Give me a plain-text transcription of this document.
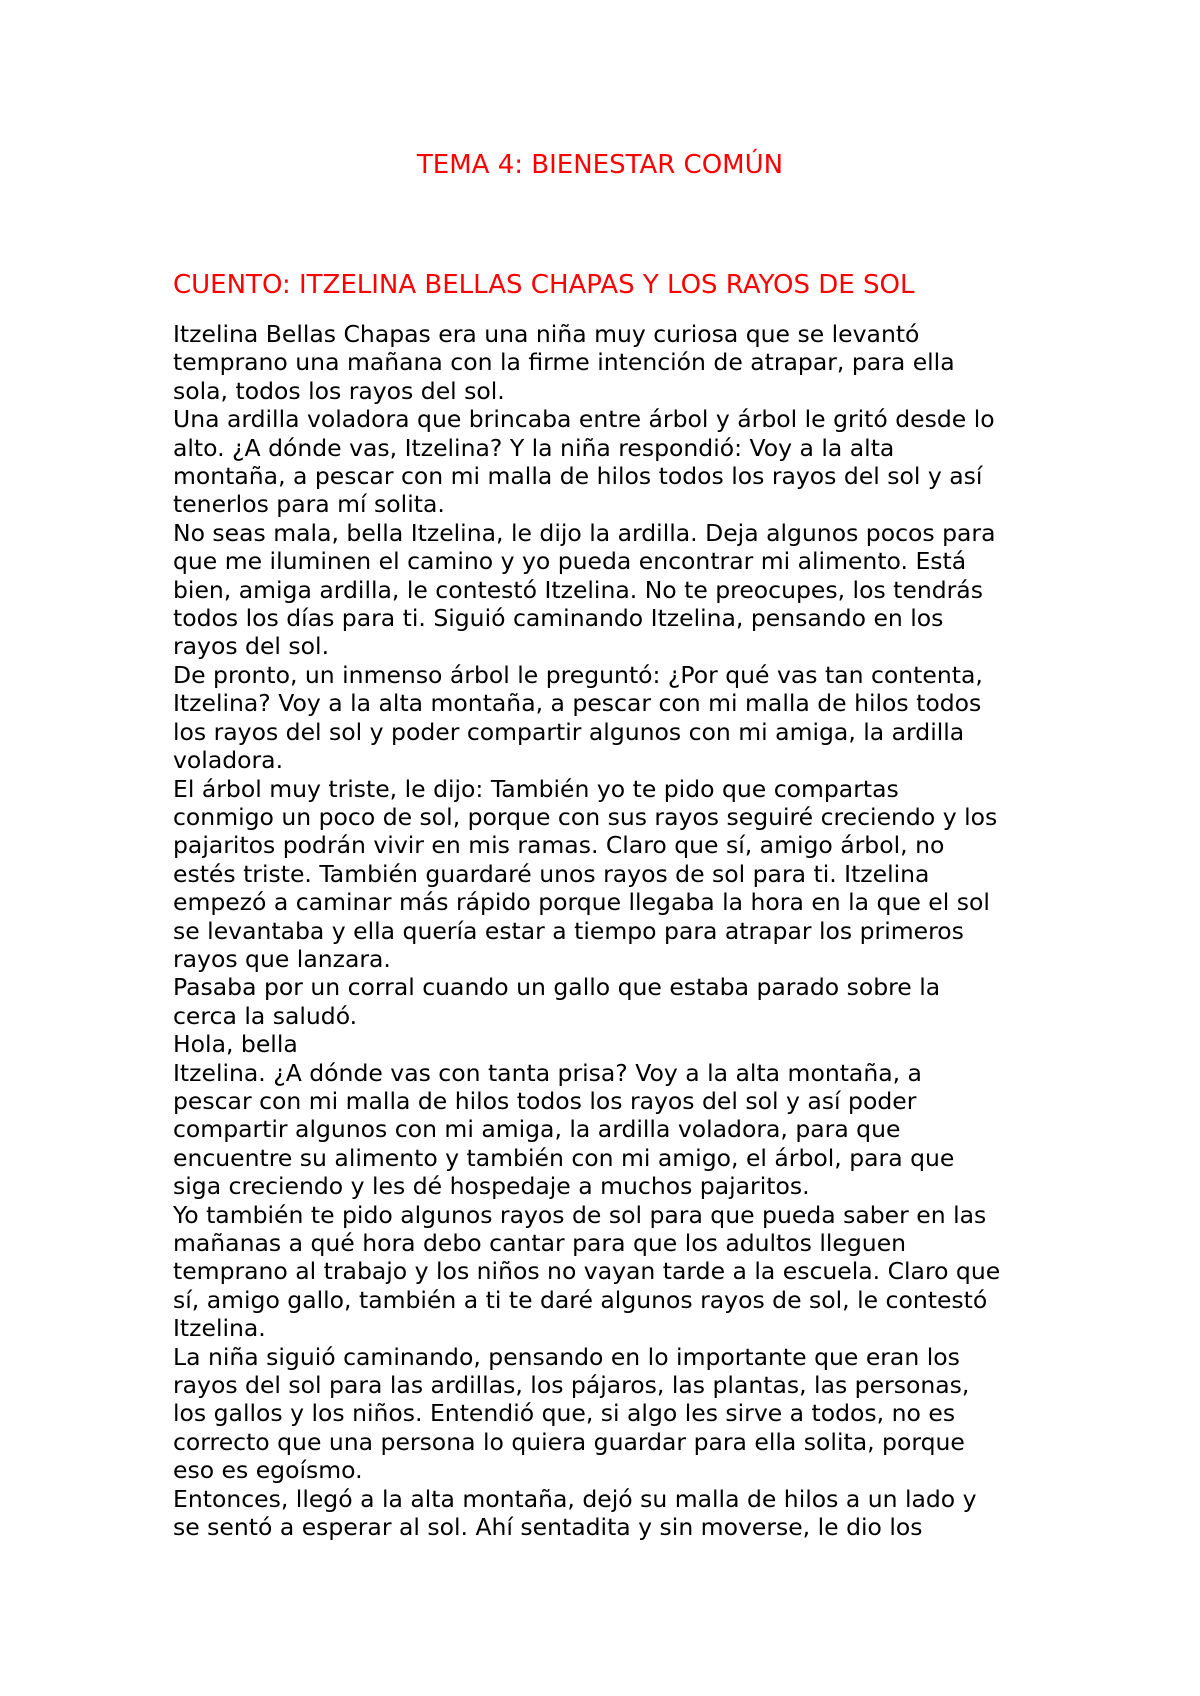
TEMA 4: BIENESTAR COMÚN
CUENTO: ITZELINA BELLAS CHAPAS Y LOS RAYOS DE SOL
Itzelina Bellas Chapas era una niña muy curiosa que se levantó
temprano una mañana con la firme intención de atrapar, para ella
sola, todos los rayos del sol.
Una ardilla voladora que brincaba entre árbol y árbol le gritó desde lo
alto. ¿A dónde vas, Itzelina? Y la niña respondió: Voy a la alta
montaña, a pescar con mi malla de hilos todos los rayos del sol y así
tenerlos para mí solita.
No seas mala, bella Itzelina, le dijo la ardilla. Deja algunos pocos para
que me iluminen el camino y yo pueda encontrar mi alimento. Está
bien, amiga ardilla, le contestó Itzelina. No te preocupes, los tendrás
todos los días para ti. Siguió caminando Itzelina, pensando en los
rayos del sol.
De pronto, un inmenso árbol le preguntó: ¿Por qué vas tan contenta,
Itzelina? Voy a la alta montaña, a pescar con mi malla de hilos todos
los rayos del sol y poder compartir algunos con mi amiga, la ardilla
voladora.
El árbol muy triste, le dijo: También yo te pido que compartas
conmigo un poco de sol, porque con sus rayos seguiré creciendo y los
pajaritos podrán vivir en mis ramas. Claro que sí, amigo árbol, no
estés triste. También guardaré unos rayos de sol para ti. Itzelina
empezó a caminar más rápido porque llegaba la hora en la que el sol
se levantaba y ella quería estar a tiempo para atrapar los primeros
rayos que lanzara.
Pasaba por un corral cuando un gallo que estaba parado sobre la
cerca la saludó.
Hola, bella
Itzelina. ¿A dónde vas con tanta prisa? Voy a la alta montaña, a
pescar con mi malla de hilos todos los rayos del sol y así poder
compartir algunos con mi amiga, la ardilla voladora, para que
encuentre su alimento y también con mi amigo, el árbol, para que
siga creciendo y les dé hospedaje a muchos pajaritos.
Yo también te pido algunos rayos de sol para que pueda saber en las
mañanas a qué hora debo cantar para que los adultos lleguen
temprano al trabajo y los niños no vayan tarde a la escuela. Claro que
sí, amigo gallo, también a ti te daré algunos rayos de sol, le contestó
Itzelina.
La niña siguió caminando, pensando en lo importante que eran los
rayos del sol para las ardillas, los pájaros, las plantas, las personas,
los gallos y los niños. Entendió que, si algo les sirve a todos, no es
correcto que una persona lo quiera guardar para ella solita, porque
eso es egoísmo.
Entonces, llegó a la alta montaña, dejó su malla de hilos a un lado y
se sentó a esperar al sol. Ahí sentadita y sin moverse, le dio los
